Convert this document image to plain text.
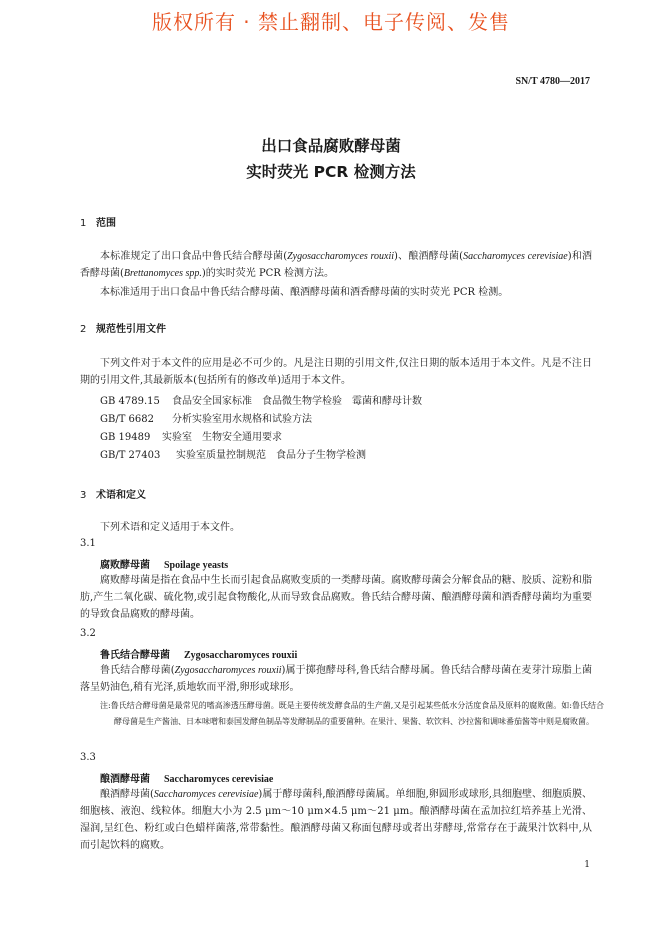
版权所有 · 禁止翻制、电子传阅、发售
SN/T 4780—2017
出口食品腐败酵母菌
实时荧光 PCR 检测方法
1 范围
本标准规定了出口食品中鲁氏结合酵母菌(Zygosaccharomyces rouxii)、酿酒酵母菌(Saccharomyces cerevisiae)和酒香酵母菌(Brettanomyces spp.)的实时荧光 PCR 检测方法。
本标准适用于出口食品中鲁氏结合酵母菌、酿酒酵母菌和酒香酵母菌的实时荧光 PCR 检测。
2 规范性引用文件
下列文件对于本文件的应用是必不可少的。凡是注日期的引用文件,仅注日期的版本适用于本文件。凡是不注日期的引用文件,其最新版本(包括所有的修改单)适用于本文件。
GB 4789.15 食品安全国家标准　食品微生物学检验　霉菌和酵母计数
GB/T 6682 分析实验室用水规格和试验方法
GB 19489 实验室　生物安全通用要求
GB/T 27403 实验室质量控制规范　食品分子生物学检测
3 术语和定义
下列术语和定义适用于本文件。
3.1
腐败酵母菌 Spoilage yeasts
腐败酵母菌是指在食品中生长而引起食品腐败变质的一类酵母菌。腐败酵母菌会分解食品的糖、胶质、淀粉和脂肪,产生二氧化碳、硫化物,或引起食物酸化,从而导致食品腐败。鲁氏结合酵母菌、酿酒酵母菌和酒香酵母菌均为重要的导致食品腐败的酵母菌。
3.2
鲁氏结合酵母菌 Zygosaccharomyces rouxii
鲁氏结合酵母菌(Zygosaccharomyces rouxii)属于掷孢酵母科,鲁氏结合酵母属。鲁氏结合酵母菌在麦芽汁琼脂上菌落呈奶油色,稍有光泽,质地软而平滑,卵形或球形。
注:鲁氏结合酵母菌是最常见的嗜高渗透压酵母菌。既是主要传统发酵食品的生产菌,又是引起某些低水分活度食品及原料的腐败菌。如:鲁氏结合酵母菌是生产酱油、日本味噌和泰国发酵鱼制品等发酵制品的重要菌种。在果汁、果酱、软饮料、沙拉酱和调味番茄酱等中则是腐败菌。
3.3
酿酒酵母菌 Saccharomyces cerevisiae
酿酒酵母菌(Saccharomyces cerevisiae)属于酵母菌科,酿酒酵母菌属。单细胞,卵圆形或球形,具细胞壁、细胞质膜、细胞核、液泡、线粒体。细胞大小为 2.5 μm～10 μm×4.5 μm～21 μm。酿酒酵母菌在孟加拉红培养基上光滑、湿润,呈红色、粉红或白色蜡样菌落,常带黏性。酿酒酵母菌又称面包酵母或者出芽酵母,常常存在于蔬果汁饮料中,从而引起饮料的腐败。
1
